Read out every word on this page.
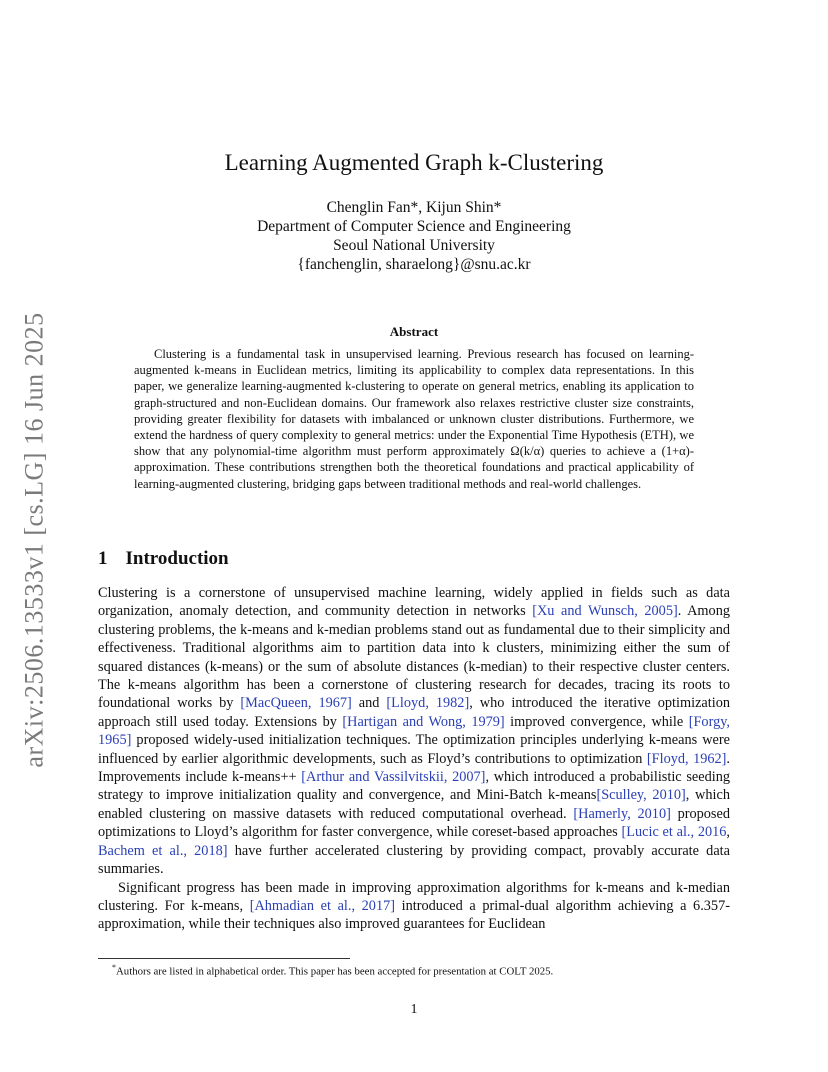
arXiv:2506.13533v1 [cs.LG] 16 Jun 2025
Learning Augmented Graph k-Clustering
Chenglin Fan*, Kijun Shin*
Department of Computer Science and Engineering
Seoul National University
{fanchenglin, sharaelong}@snu.ac.kr
Abstract
Clustering is a fundamental task in unsupervised learning. Previous research has focused on learning-augmented k-means in Euclidean metrics, limiting its applicability to complex data representations. In this paper, we generalize learning-augmented k-clustering to operate on general metrics, enabling its application to graph-structured and non-Euclidean domains. Our framework also relaxes restrictive cluster size constraints, providing greater flexibility for datasets with imbalanced or unknown cluster distributions. Furthermore, we extend the hardness of query complexity to general metrics: under the Exponential Time Hypothesis (ETH), we show that any polynomial-time algorithm must perform approximately Ω(k/α) queries to achieve a (1+α)-approximation. These contributions strengthen both the theoretical foundations and practical applicability of learning-augmented clustering, bridging gaps between traditional methods and real-world challenges.
1 Introduction

Clustering is a cornerstone of unsupervised machine learning, widely applied in fields such as data organization, anomaly detection, and community detection in networks [Xu and Wunsch, 2005]. Among clustering problems, the k-means and k-median problems stand out as fundamental due to their simplicity and effectiveness. Traditional algorithms aim to partition data into k clusters, minimizing either the sum of squared distances (k-means) or the sum of absolute distances (k-median) to their respective cluster centers. The k-means algorithm has been a cornerstone of clustering research for decades, tracing its roots to foundational works by [MacQueen, 1967] and [Lloyd, 1982], who introduced the iterative optimization approach still used today. Extensions by [Hartigan and Wong, 1979] improved convergence, while [Forgy, 1965] proposed widely-used initialization techniques. The optimization principles underlying k-means were influenced by earlier algorithmic developments, such as Floyd’s contributions to optimization [Floyd, 1962]. Improvements include k-means++ [Arthur and Vassilvitskii, 2007], which introduced a probabilistic seeding strategy to improve initialization quality and convergence, and Mini-Batch k-means[Sculley, 2010], which enabled clustering on massive datasets with reduced computational overhead. [Hamerly, 2010] proposed optimizations to Lloyd’s algorithm for faster convergence, while coreset-based approaches [Lucic et al., 2016, Bachem et al., 2018] have further accelerated clustering by providing compact, provably accurate data summaries.

Significant progress has been made in improving approximation algorithms for k-means and k-median clustering. For k-means, [Ahmadian et al., 2017] introduced a primal-dual algorithm achieving a 6.357-approximation, while their techniques also improved guarantees for Euclidean

*Authors are listed in alphabetical order. This paper has been accepted for presentation at COLT 2025.
1
